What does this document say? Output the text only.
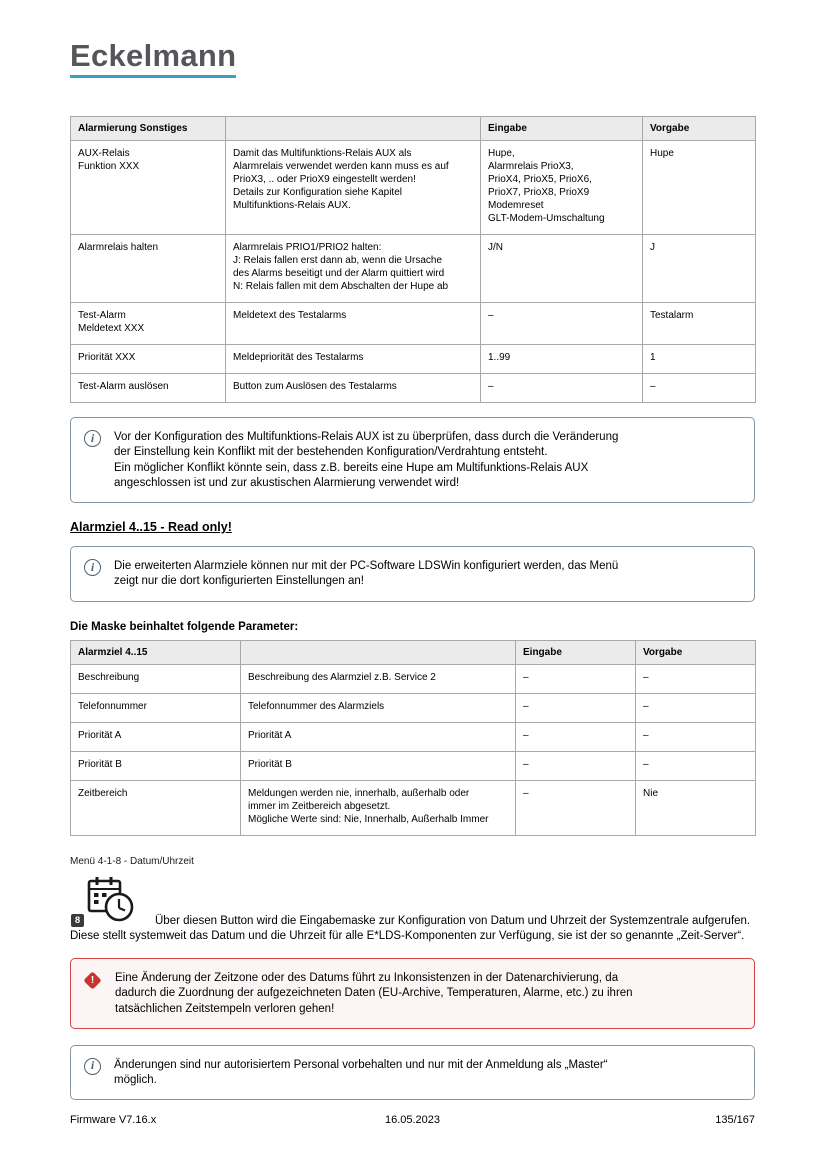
Eckelmann
Alarmierung Sonstiges		Eingabe	Vorgabe
AUX-Relais
Funktion XXX	Damit das Multifunktions-Relais AUX als
Alarmrelais verwendet werden kann muss es auf
PrioX3, .. oder PrioX9 eingestellt werden!
Details zur Konfiguration siehe Kapitel
Multifunktions-Relais AUX.	Hupe,
Alarmrelais PrioX3,
PrioX4, PrioX5, PrioX6,
PrioX7, PrioX8, PrioX9
Modemreset
GLT-Modem-Umschaltung	Hupe
Alarmrelais halten	Alarmrelais PRIO1/PRIO2 halten:
J: Relais fallen erst dann ab, wenn die Ursache
des Alarms beseitigt und der Alarm quittiert wird
N: Relais fallen mit dem Abschalten der Hupe ab	J/N	J
Test-Alarm
Meldetext XXX	Meldetext des Testalarms	–	Testalarm
Priorität XXX	Meldepriorität des Testalarms	1..99	1
Test-Alarm auslösen	Button zum Auslösen des Testalarms	–	–
i	Vor der Konfiguration des Multifunktions-Relais AUX ist zu überprüfen, dass durch die Veränderung
der Einstellung kein Konflikt mit der bestehenden Konfiguration/Verdrahtung entsteht.
Ein möglicher Konflikt könnte sein, dass z.B. bereits eine Hupe am Multifunktions-Relais AUX
angeschlossen ist und zur akustischen Alarmierung verwendet wird!
Alarmziel 4..15 - Read only!
i	Die erweiterten Alarmziele können nur mit der PC-Software LDSWin konfiguriert werden, das Menü
zeigt nur die dort konfigurierten Einstellungen an!
Die Maske beinhaltet folgende Parameter:
Alarmziel 4..15		Eingabe	Vorgabe
Beschreibung	Beschreibung des Alarmziel z.B. Service 2	–	–
Telefonnummer	Telefonnummer des Alarmziels	–	–
Priorität A	Priorität A	–	–
Priorität B	Priorität B	–	–
Zeitbereich	Meldungen werden nie, innerhalb, außerhalb oder
immer im Zeitbereich abgesetzt.
Mögliche Werte sind: Nie, Innerhalb, Außerhalb Immer	–	Nie
Menü 4-1-8 - Datum/Uhrzeit
8	Über diesen Button wird die Eingabemaske zur Konfiguration von Datum und Uhrzeit der Systemzentrale aufgerufen. Diese stellt systemweit das Datum und die Uhrzeit für alle E*LDS-Komponenten zur Verfügung, sie ist der so genannte „Zeit-Server“.

!	Eine Änderung der Zeitzone oder des Datums führt zu Inkonsistenzen in der Datenarchivierung, da
dadurch die Zuordnung der aufgezeichneten Daten (EU-Archive, Temperaturen, Alarme, etc.) zu ihren
tatsächlichen Zeitstempeln verloren gehen!
i	Änderungen sind nur autorisiertem Personal vorbehalten und nur mit der Anmeldung als „Master“
möglich.
Firmware V7.16.x	16.05.2023	135/167
